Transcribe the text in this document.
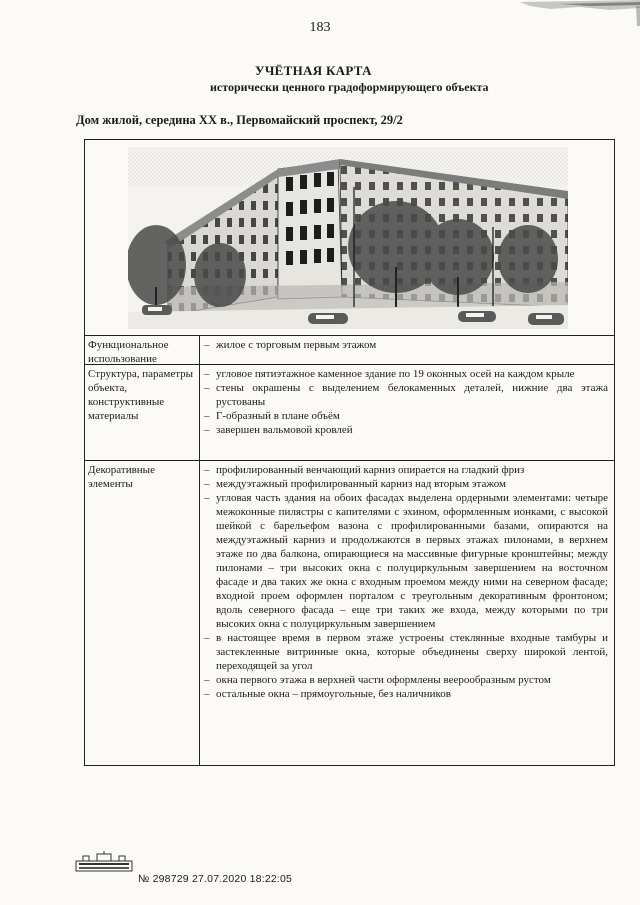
183
УЧЁТНАЯ КАРТА
исторически ценного градоформирующего объекта
Дом жилой, середина XX в., Первомайский проспект, 29/2
Функциональное использование
– жилое с торговым первым этажом
Структура, параметры объекта, конструктивные материалы
– угловое пятиэтажное каменное здание по 19 оконных осей на каждом крыле
– стены окрашены с выделением белокаменных деталей, нижние два этажа рустованы
– Г-образный в плане объём
– завершен вальмовой кровлей
Декоративные элементы
– профилированный венчающий карниз опирается на гладкий фриз
– междуэтажный профилированный карниз над вторым этажом
– угловая часть здания на обоих фасадах выделена ордерными элементами: четыре межоконные пилястры с капителями с эхином, оформленным ионками, с высокой шейкой с барельефом вазона с профилированными базами, опираются на междуэтажный карниз и продолжаются в первых этажах пилонами, в верхнем этаже по два балкона, опирающиеся на массивные фигурные кронштейны; между пилонами – три высоких окна с полуциркульным завершением на восточном фасаде и два таких же окна с входным проемом между ними на северном фасаде; входной проем оформлен порталом с треугольным декоративным фронтоном; вдоль северного фасада – еще три таких же входа, между которыми по три высоких окна с полуциркульным завершением
– в настоящее время в первом этаже устроены стеклянные входные тамбуры и застекленные витринные окна, которые объединены сверху широкой лентой, переходящей за угол
– окна первого этажа в верхней части оформлены веерообразным рустом
– остальные окна – прямоугольные, без наличников
№ 298729 27.07.2020 18:22:05
